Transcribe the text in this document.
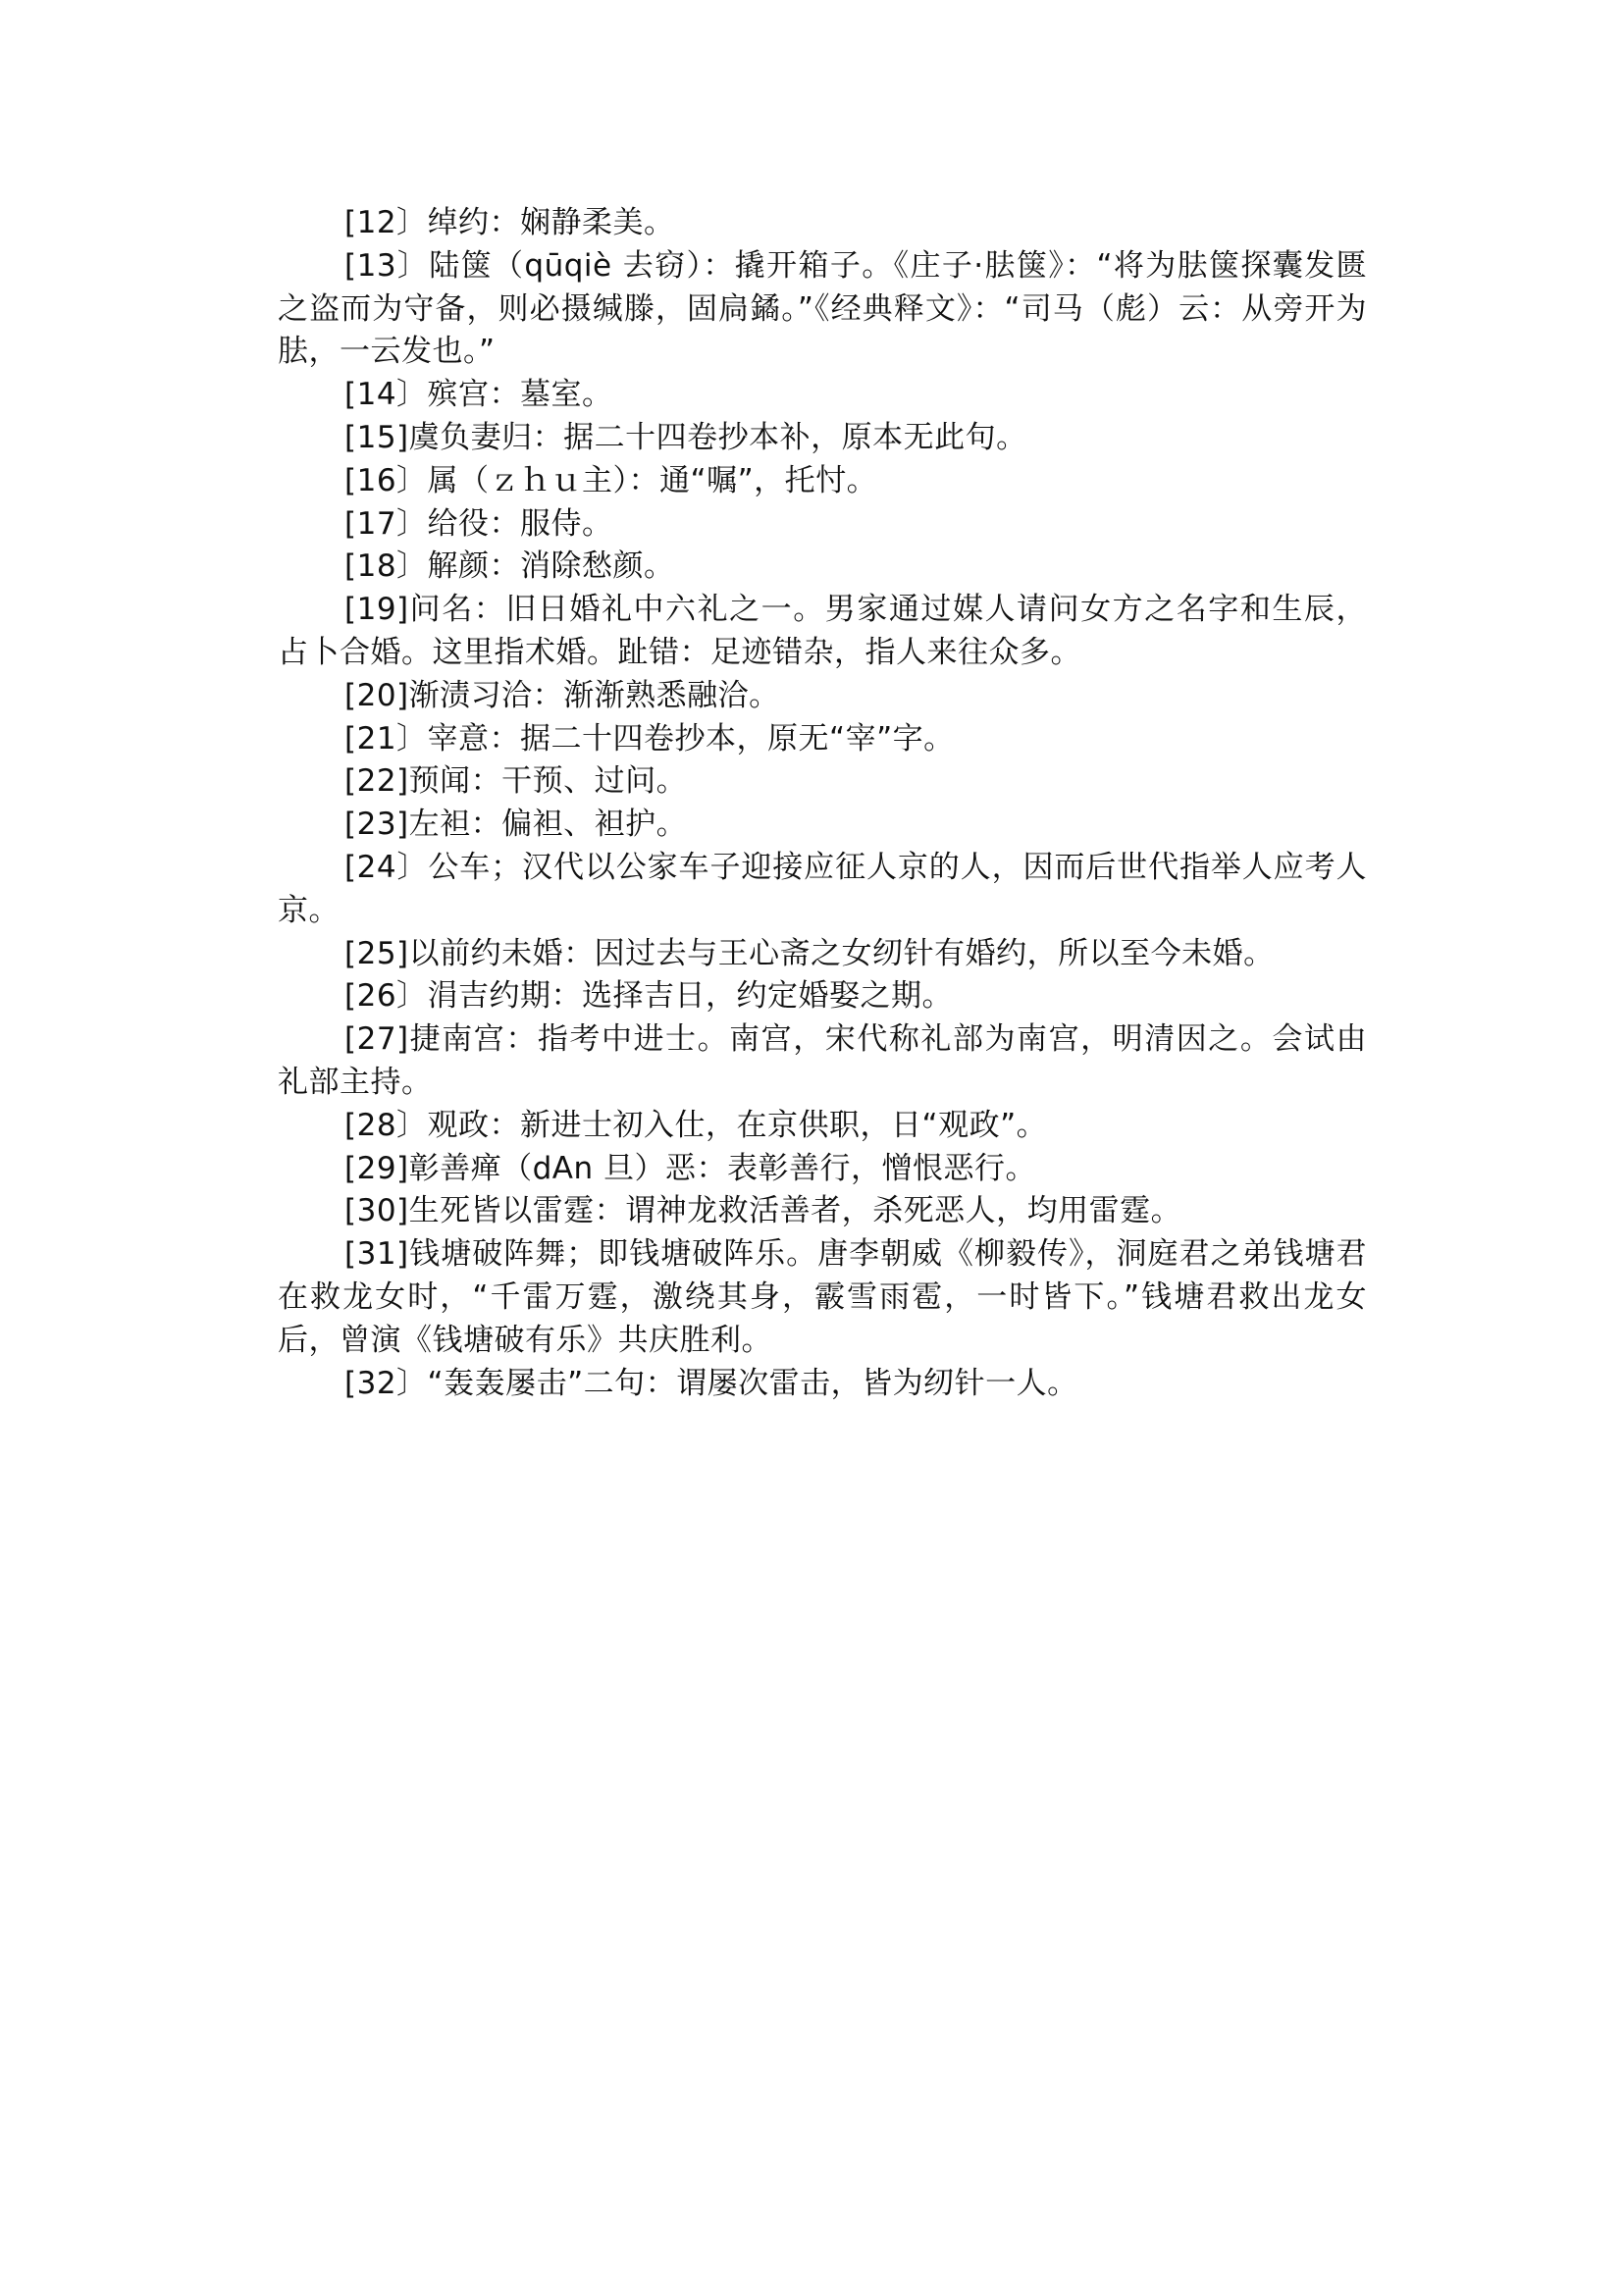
[12〕绰约：娴静柔美。

[13〕陆箧（qūqiè 去窃）：撬开箱子。《庄子·胠箧》：“将为胠箧探囊发匮之盗而为守备，则必摄缄滕，固扃鐍。”《经典释文》：“司马（彪）云：从旁开为胠，一云发也。”

[14〕殡宫：墓室。

[15]虞负妻归：据二十四卷抄本补，原本无此句。

[16〕属（ｚｈｕ主）：通“嘱”，托忖。

[17〕给役：服侍。

[18〕解颜：消除愁颜。

[19]问名：旧日婚礼中六礼之一。男家通过媒人请问女方之名字和生辰，占卜合婚。这里指术婚。趾错：足迹错杂，指人来往众多。

[20]渐渍习洽：渐渐熟悉融洽。

[21〕宰意：据二十四卷抄本，原无“宰”字。

[22]预闻：干预、过问。

[23]左袒：偏袒、袒护。

[24〕公车；汉代以公家车子迎接应征人京的人，因而后世代指举人应考人京。

[25]以前约未婚：因过去与王心斋之女纫针有婚约，所以至今未婚。

[26〕涓吉约期：选择吉日，约定婚娶之期。

[27]捷南宫：指考中进士。南宫，宋代称礼部为南宫，明清因之。会试由礼部主持。

[28〕观政：新进士初入仕，在京供职，日“观政”。

[29]彰善瘅（dAn 旦）恶：表彰善行，憎恨恶行。

[30]生死皆以雷霆：谓神龙救活善者，杀死恶人，均用雷霆。

[31]钱塘破阵舞；即钱塘破阵乐。唐李朝威《柳毅传》，洞庭君之弟钱塘君在救龙女时，“千雷万霆，激绕其身，霰雪雨雹，一时皆下。”钱塘君救出龙女后，曾演《钱塘破有乐》共庆胜利。

[32〕“轰轰屡击”二句：谓屡次雷击，皆为纫针一人。
